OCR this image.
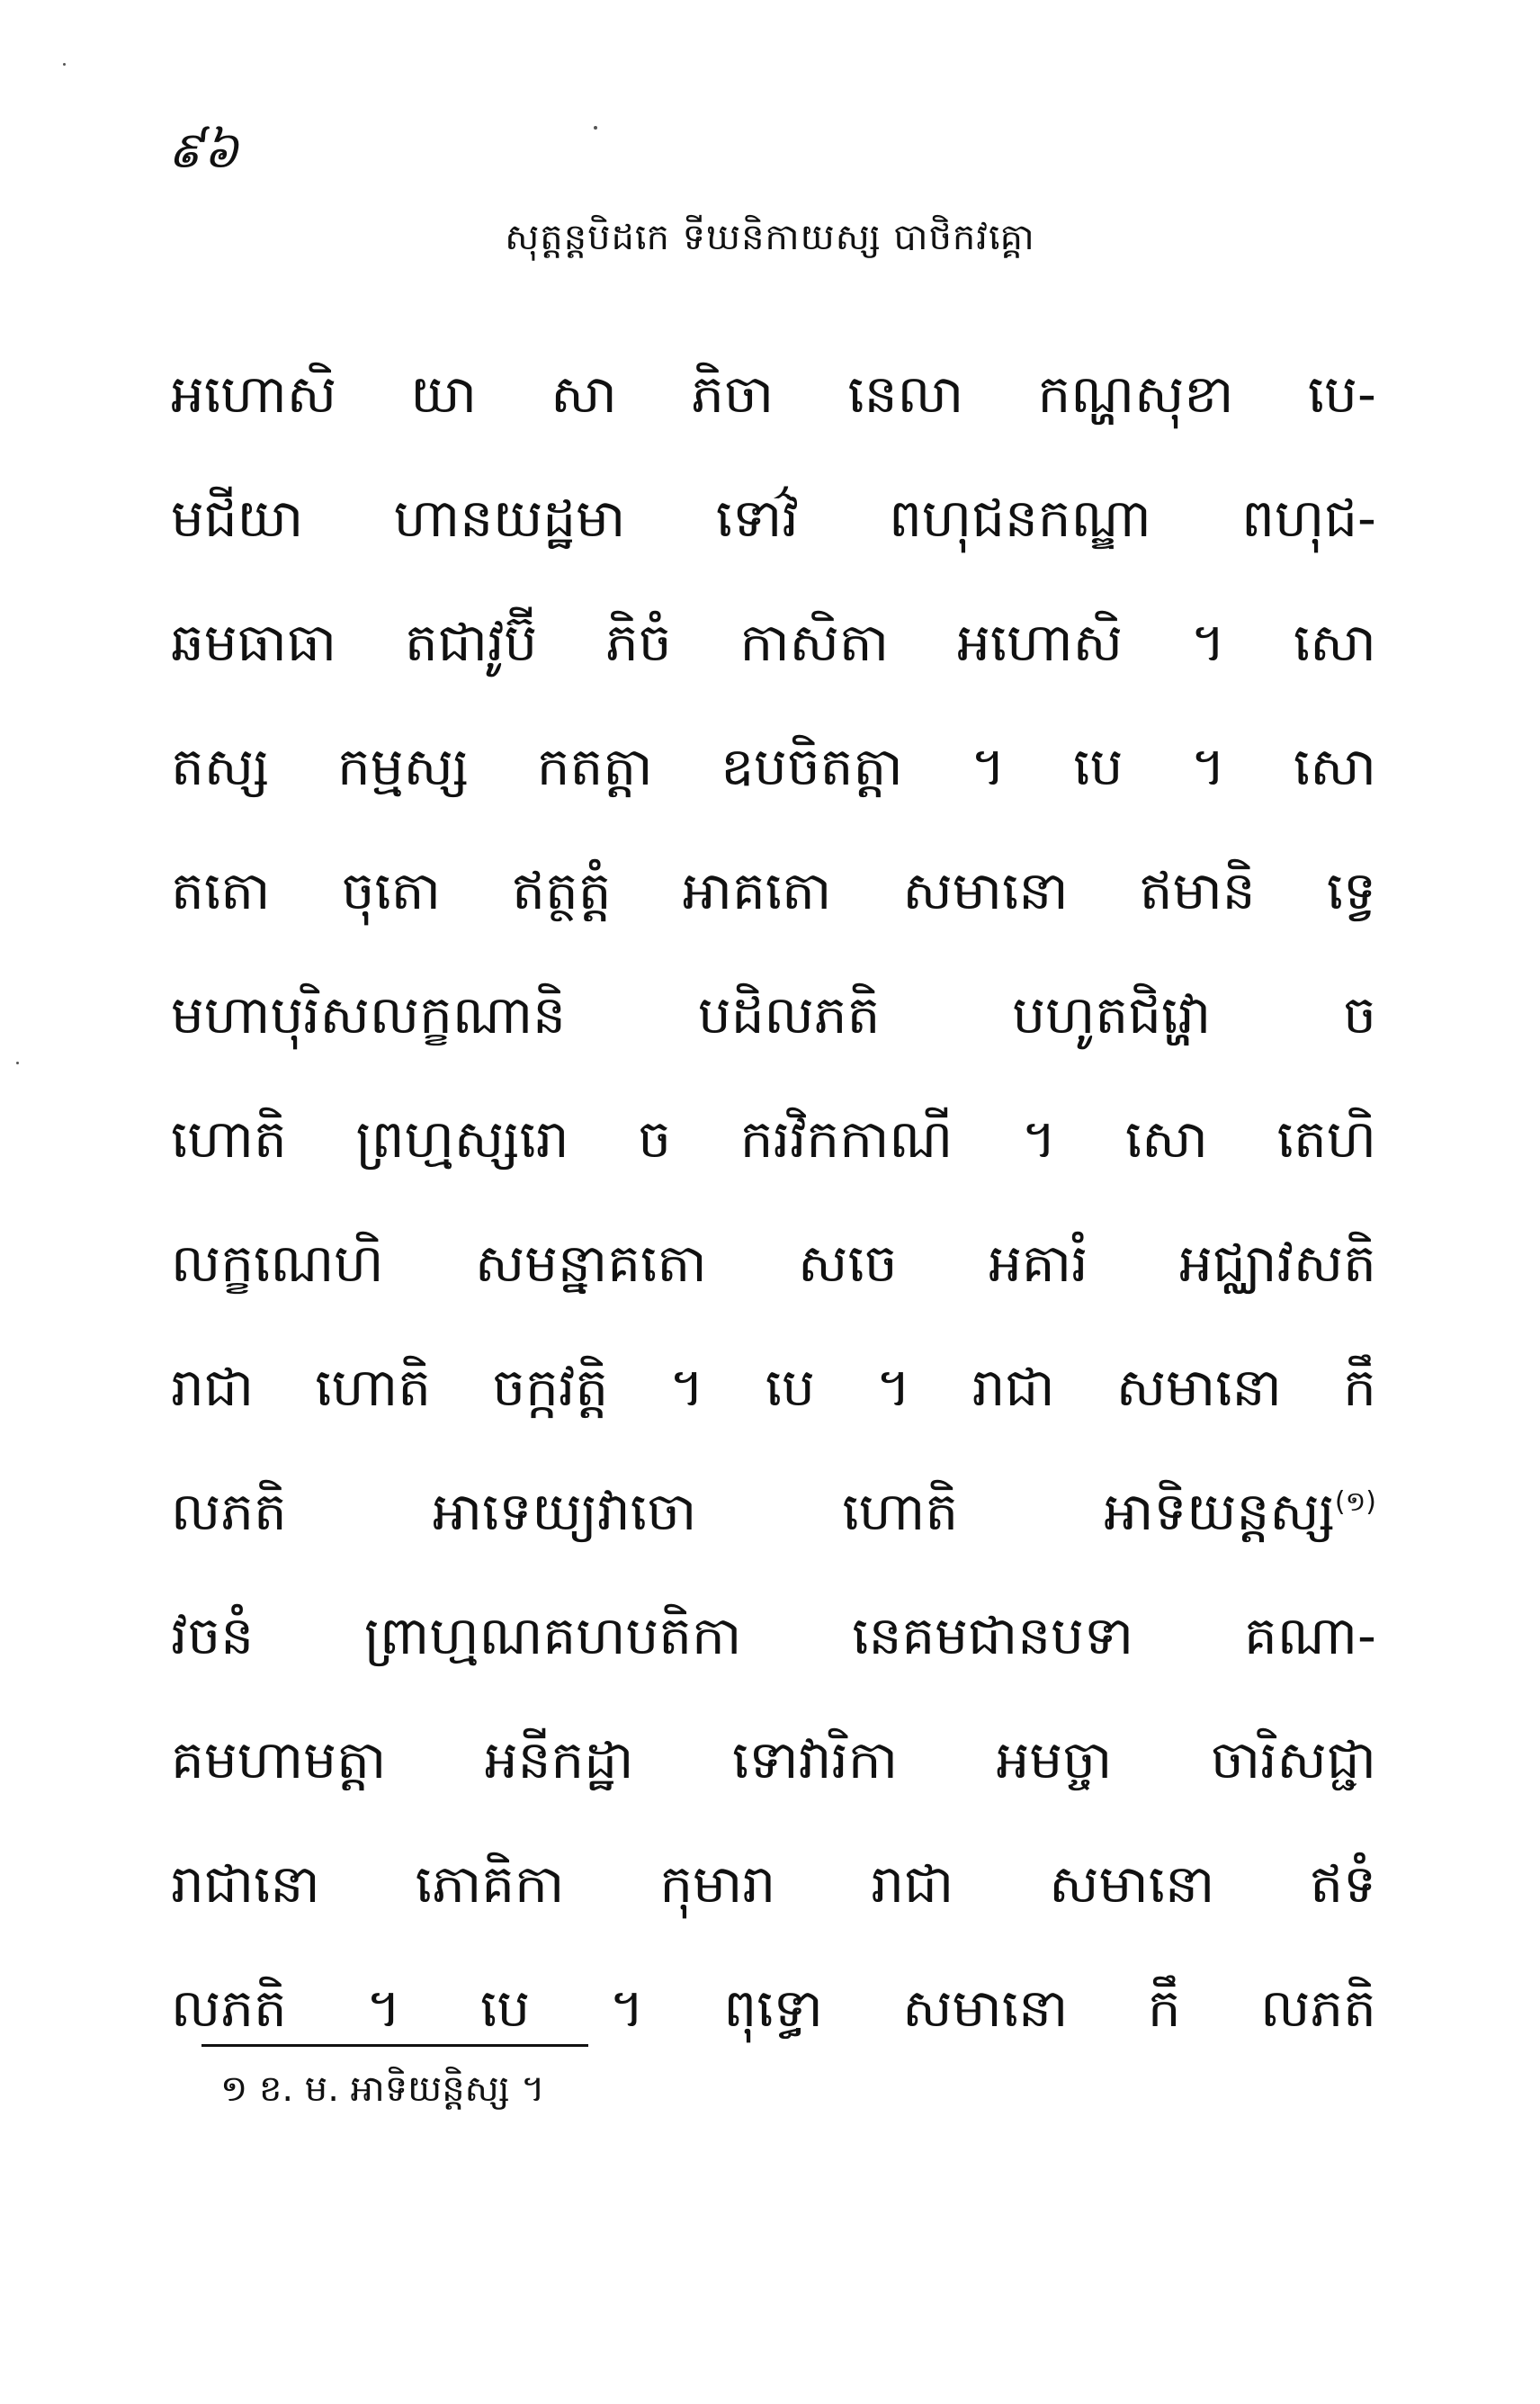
៩៦
សុត្តន្តបិដកេ ទីឃនិកាយស្ស បាថិកវគ្គោ
អហោសិ យា សា ភិចា នេលា កណ្ហសុខា បេ-
មជីយា ហានយដ្ឋមា ទោវ៌ ពហុជនកណ្ឌា ពហុជ-
ឆមធាធា តជាវូប៊ី ភិចំ កាសិតា អហោសិ ។ សោ
តស្ស កម្មស្ស កតត្តា ឧបចិតត្តា ។ បេ ។ សោ
តតោ ចុតោ ឥត្ថត្តំ អាគតោ សមានោ ឥមានិ ទ្វេ
មហាបុរិសលក្ខណានិ	បដិលភតិ	បហូតជិវ្ហោ	ច
ហោតិ ព្រហ្មស្សរោ ច ករវិកកាណី ។ សោ តេហិ
លក្ខណេហិ សមន្នាគតោ សចេ អគារំ អជ្ឈាវសតិ
រាជា ហោតិ ចក្កវត្តិ ។ បេ ។ រាជា សមានោ កឹ
លភតិ	អាទេយ្យវាចោ	ហោតិ	អាទិយន្តស្ស$^{(១)}$
វចនំ ព្រាហ្មណគហបតិកា នេគមជានបទា គណា-
គមហាមត្តា អនីកដ្ឋា ទោវារិកា អមច្ចា ចារិសជ្ជា
រាជានោ ភោគិកា កុមារា រាជា សមានោ ឥទំ
លភតិ ។ បេ ។ ពុទ្ធោ សមានោ កឹ លភតិ
១ ខ. ម. អាទិយន្តិស្ស ។
